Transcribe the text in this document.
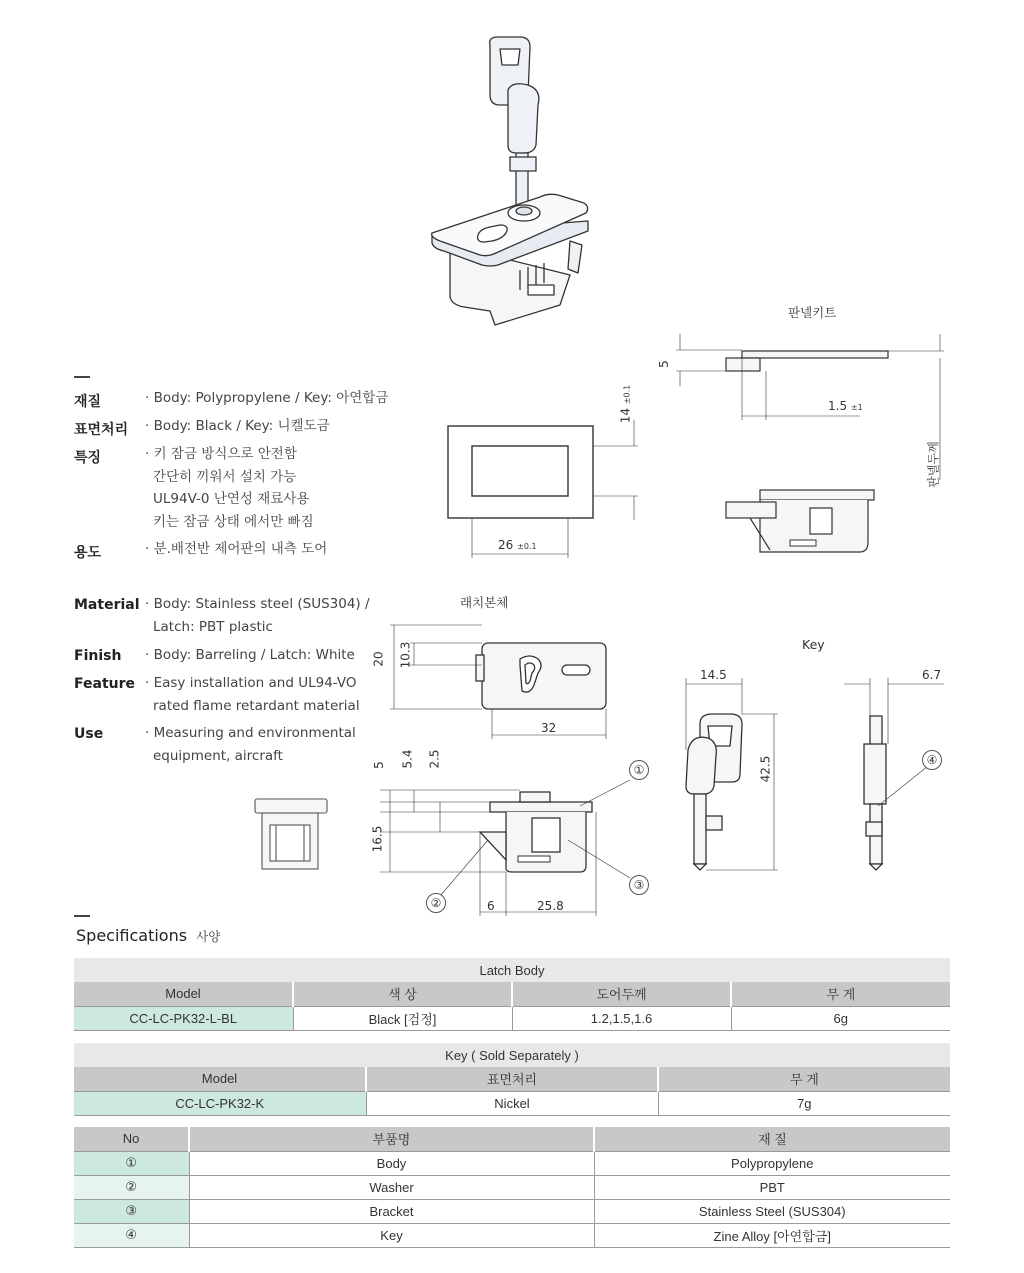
재질	· Body: Polypropylene / Key: 아연합금
표면처리 · Body: Black / Key: 니켈도금
특징	· 키 잠금 방식으로 안전함
간단히 끼워서 설치 가능
UL94V-0 난연성 재료사용
키는 잠금 상태 에서만 빠짐
용도	· 분.배전반 제어판의 내측 도어
Material · Body: Stainless steel (SUS304) /
Latch: PBT plastic
Finish · Body: Barreling / Latch: White
Feature · Easy installation and UL94-VO
rated flame retardant material
Use	· Measuring and environmental
equipment, aircraft
14 ±0.1
26 ±0.1
판넬키트
5
1.5 ±1
판넬두께
래치본체
20 10.3
32
5 5.4 2.5
16.5
6	25.8
①
③
②
Key
14.5
42.5
6.7
④
Specifications 사양
Latch Body			
Model	색 상	도어두께	무 게
CC-LC-PK32-L-BL	Black [검정]	1.2,1.5,1.6	6g
Key ( Sold Separately )		
Model	표면처리	무 게
CC-LC-PK32-K	Nickel	7g
No	부품명	재 질
①	Body	Polypropylene
②	Washer	PBT
③	Bracket	Stainless Steel (SUS304)
④	Key	Zine Alloy [아연합금]
